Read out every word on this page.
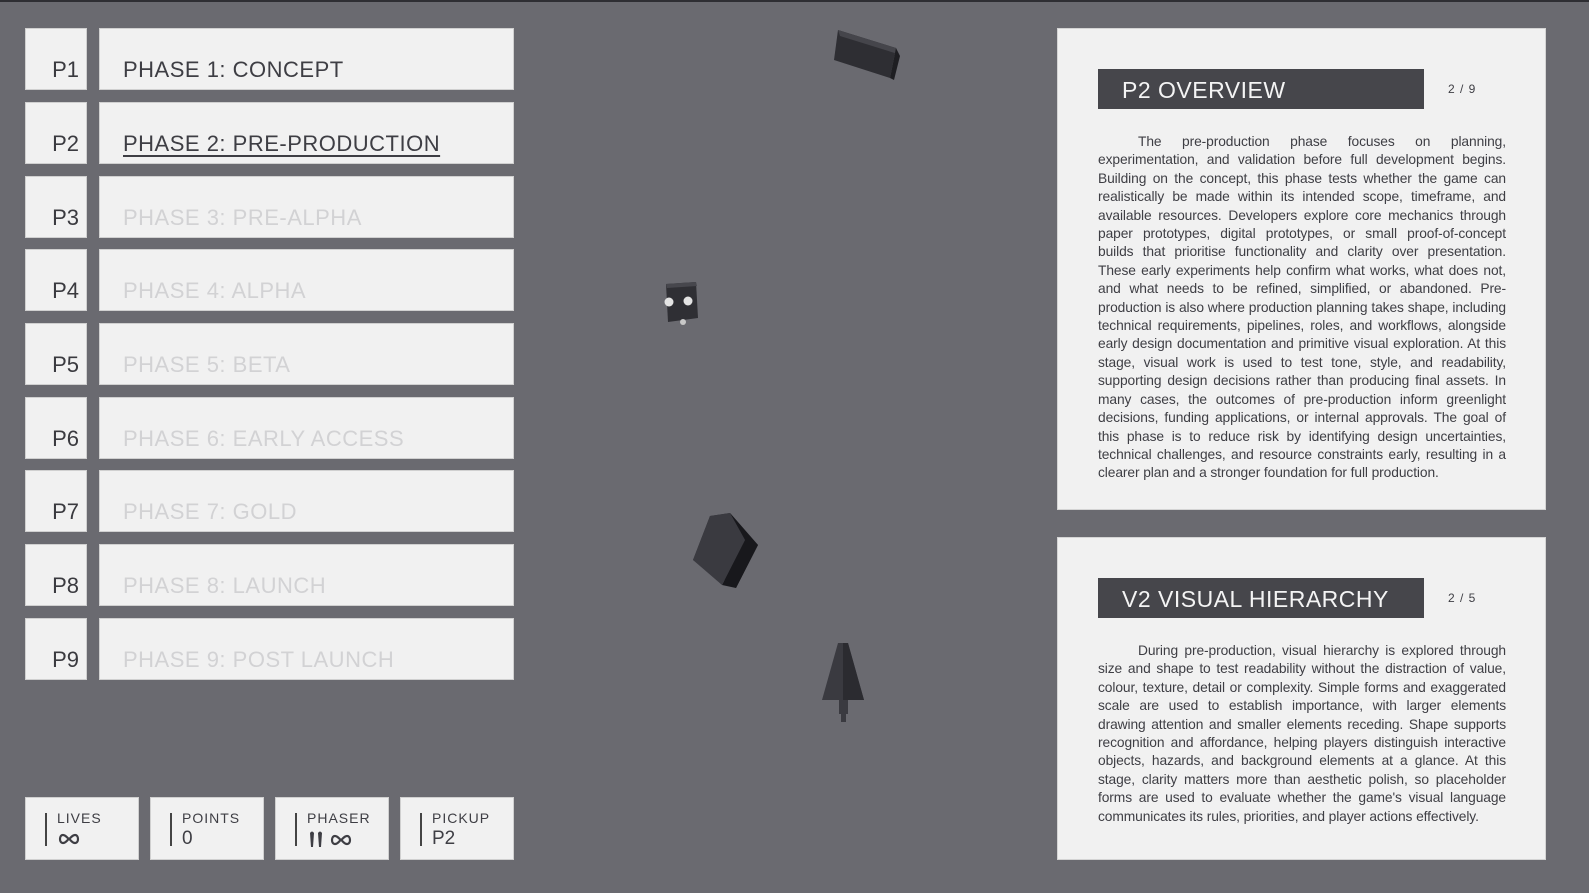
P1 PHASE 1: CONCEPT
P2 PHASE 2: PRE-PRODUCTION
P3 PHASE 3: PRE-ALPHA
P4 PHASE 4: ALPHA
P5 PHASE 5: BETA
P6 PHASE 6: EARLY ACCESS
P7 PHASE 7: GOLD
P8 PHASE 8: LAUNCH
P9 PHASE 9: POST LAUNCH
LIVES	POINTS
0
PHASER	PICKUP
P2
P2 OVERVIEW	2 / 9
The pre-production phase focuses on planning, experimentation, and validation before full development begins. Building on the concept, this phase tests whether the game can realistically be made within its intended scope, timeframe, and available resources. Developers explore core mechanics through paper prototypes, digital prototypes, or small proof-of-concept builds that prioritise functionality and clarity over presentation. These early experiments help confirm what works, what does not, and what needs to be refined, simplified, or abandoned. Pre-production is also where production planning takes shape, including technical requirements, pipelines, roles, and workflows, alongside early design documentation and primitive visual exploration. At this stage, visual work is used to test tone, style, and readability, supporting design decisions rather than producing final assets. In many cases, the outcomes of pre-production inform greenlight decisions, funding applications, or internal approvals. The goal of this phase is to reduce risk by identifying design uncertainties, technical challenges, and resource constraints early, resulting in a clearer plan and a stronger foundation for full production.
V2 VISUAL HIERARCHY	2 / 5
During pre-production, visual hierarchy is explored through size and shape to test readability without the distraction of value, colour, texture, detail or complexity. Simple forms and exaggerated scale are used to establish importance, with larger elements drawing attention and smaller elements receding. Shape supports recognition and affordance, helping players distinguish interactive objects, hazards, and background elements at a glance. At this stage, clarity matters more than aesthetic polish, so placeholder forms are used to evaluate whether the game's visual language communicates its rules, priorities, and player actions effectively.
